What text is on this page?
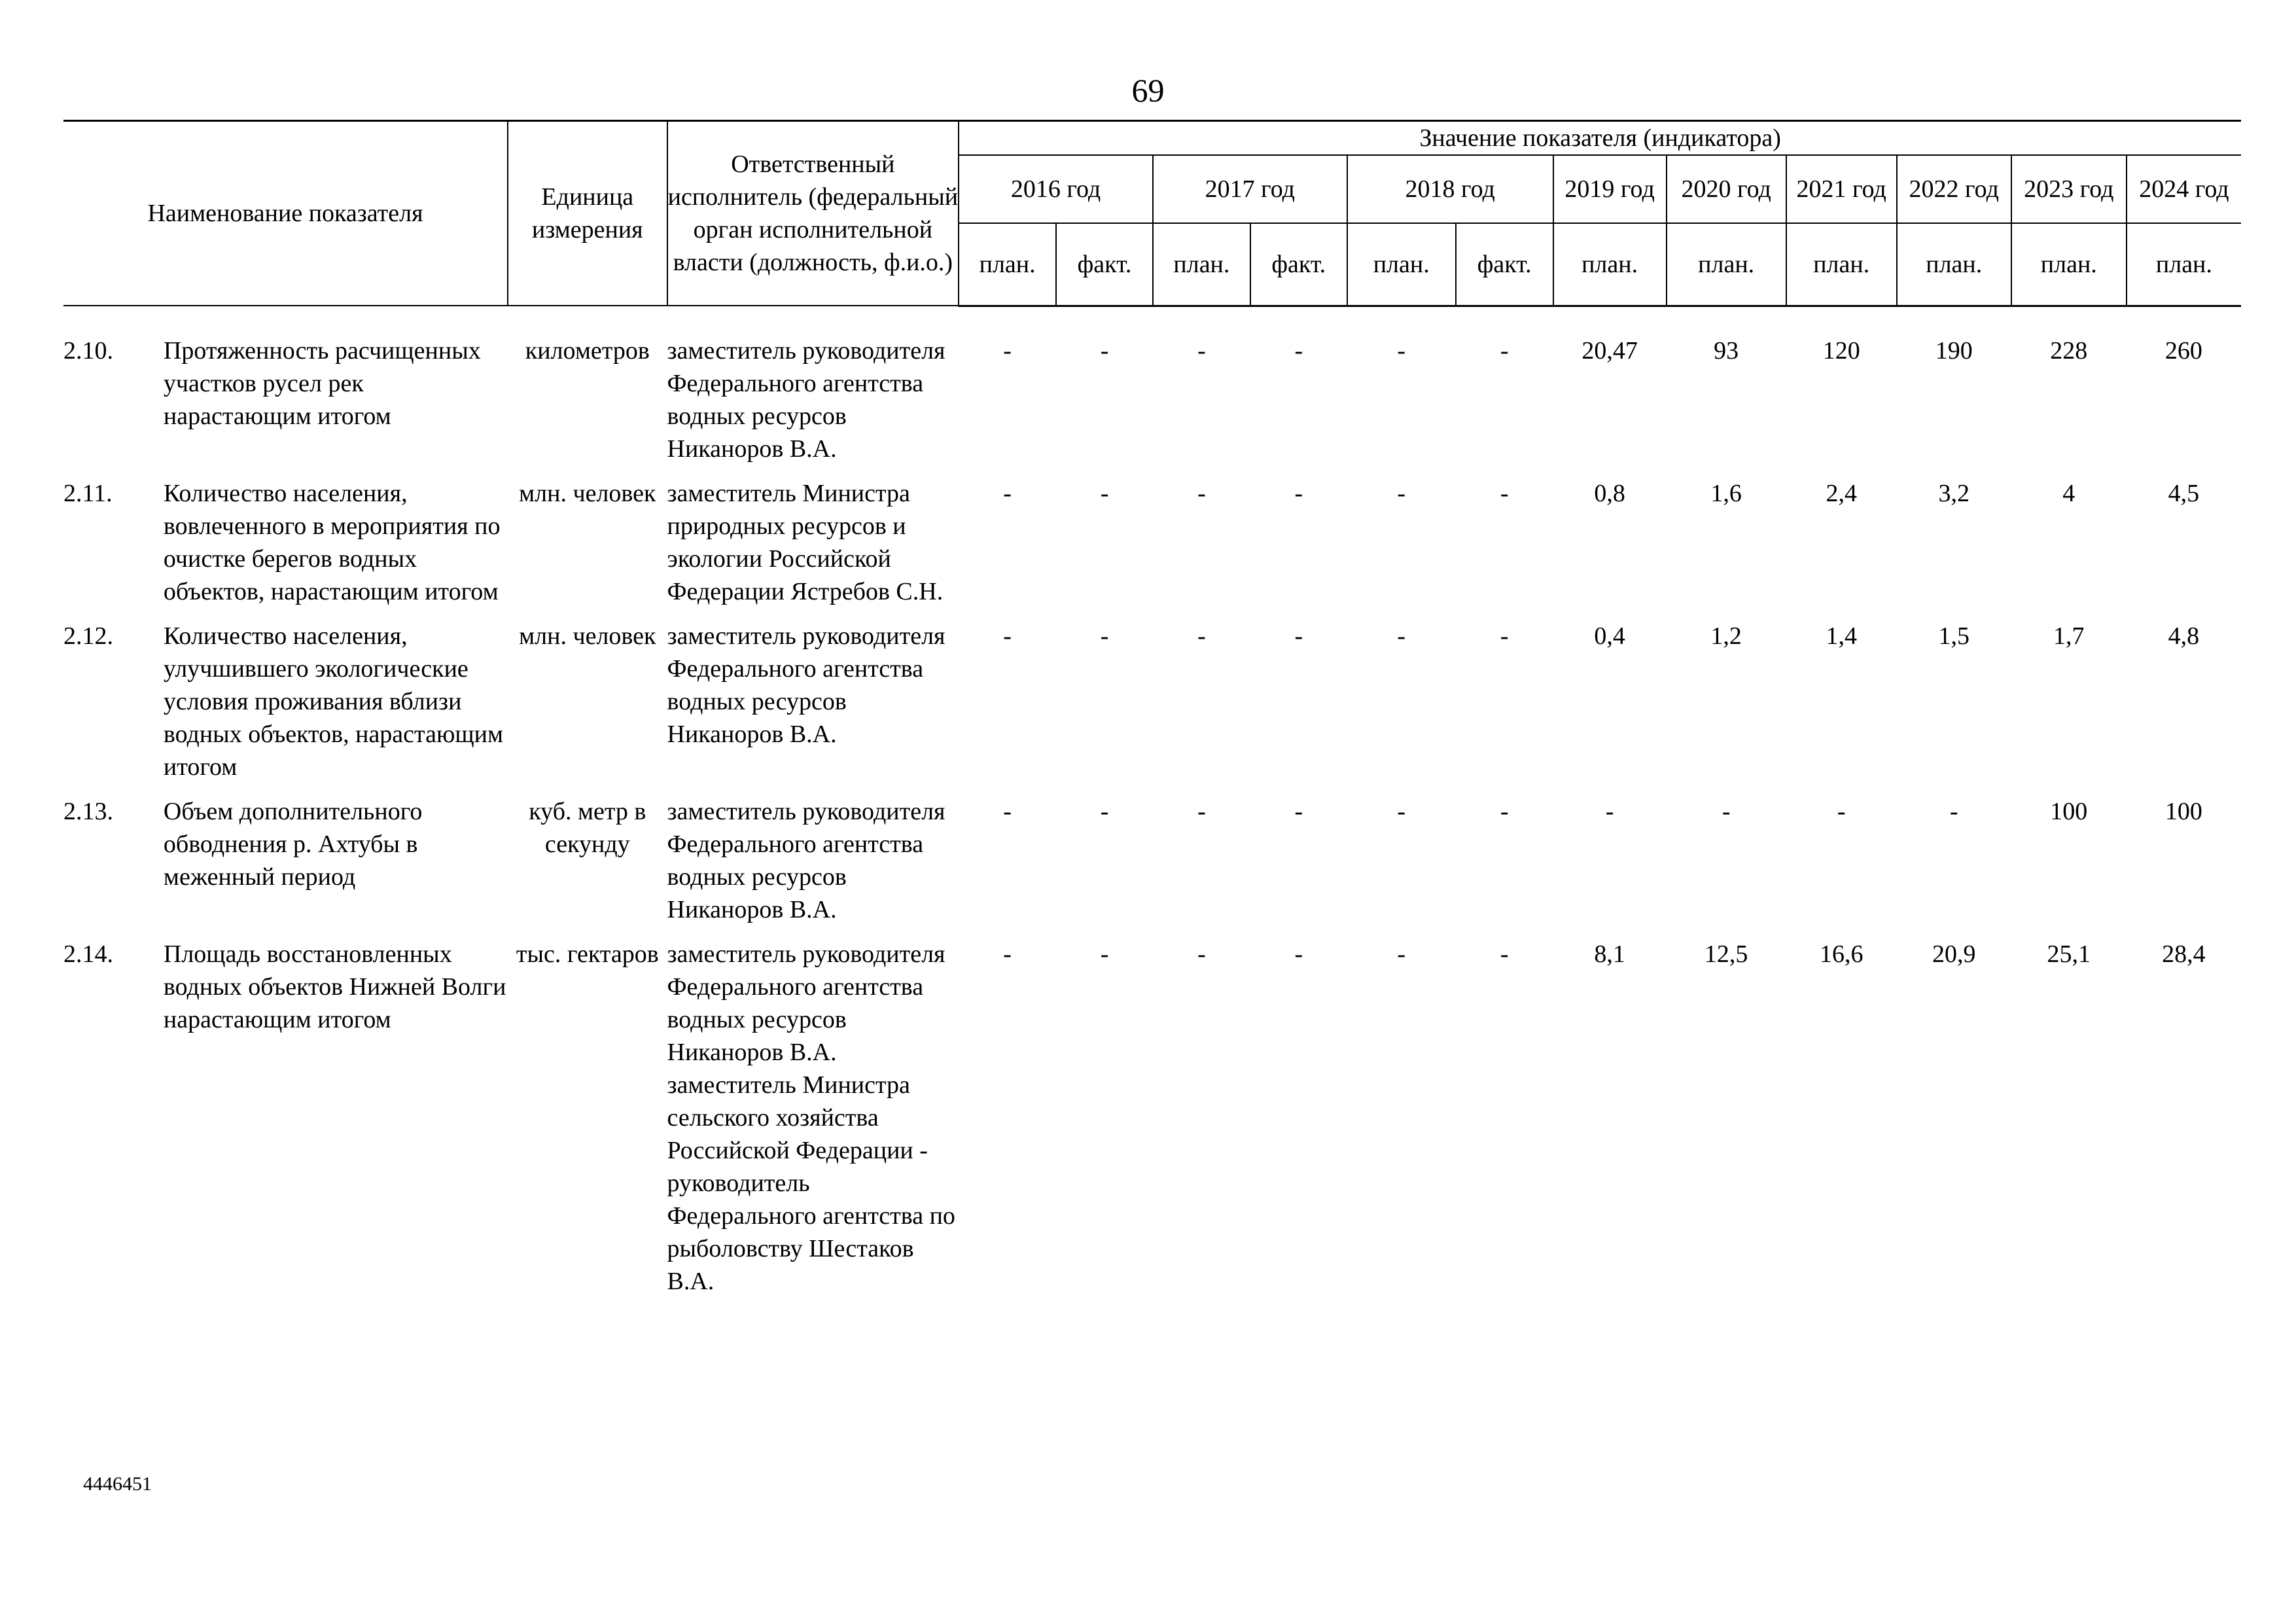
69
Наименование показателя		Единица измерения	Ответственный исполнитель (федеральный орган исполнительной власти (должность, ф.и.о.)	Значение показателя (индикатора)											
				2016 год		2017 год		2018 год		2019 год	2020 год	2021 год	2022 год	2023 год	2024 год
				план.	факт.	план.	факт.	план.	факт.	план.	план.	план.	план.	план.	план.

2.10.	Протяженность расчищенных участков русел рек нарастающим итогом	километров	заместитель руководителя Федерального агентства водных ресурсов Никаноров В.А.	-	-	-	-	-	-	20,47	93	120	190	228	260
2.11.	Количество населения, вовлеченного в мероприятия по очистке берегов водных объектов, нарастающим итогом	млн. человек	заместитель Министра природных ресурсов и экологии Российской Федерации Ястребов С.Н.	-	-	-	-	-	-	0,8	1,6	2,4	3,2	4	4,5
2.12.	Количество населения, улучшившего экологические условия проживания вблизи водных объектов, нарастающим итогом	млн. человек	заместитель руководителя Федерального агентства водных ресурсов Никаноров В.А.	-	-	-	-	-	-	0,4	1,2	1,4	1,5	1,7	4,8
2.13.	Объем дополнительного обводнения р. Ахтубы в меженный период	куб. метр в секунду	заместитель руководителя Федерального агентства водных ресурсов Никаноров В.А.	-	-	-	-	-	-	-	-	-	-	100	100
2.14.	Площадь восстановленных водных объектов Нижней Волги нарастающим итогом	тыс. гектаров	заместитель руководителя Федерального агентства водных ресурсов Никаноров В.А. заместитель Министра сельского хозяйства Российской Федерации - руководитель Федерального агентства по рыболовству Шестаков В.А.	-	-	-	-	-	-	8,1	12,5	16,6	20,9	25,1	28,4
4446451
